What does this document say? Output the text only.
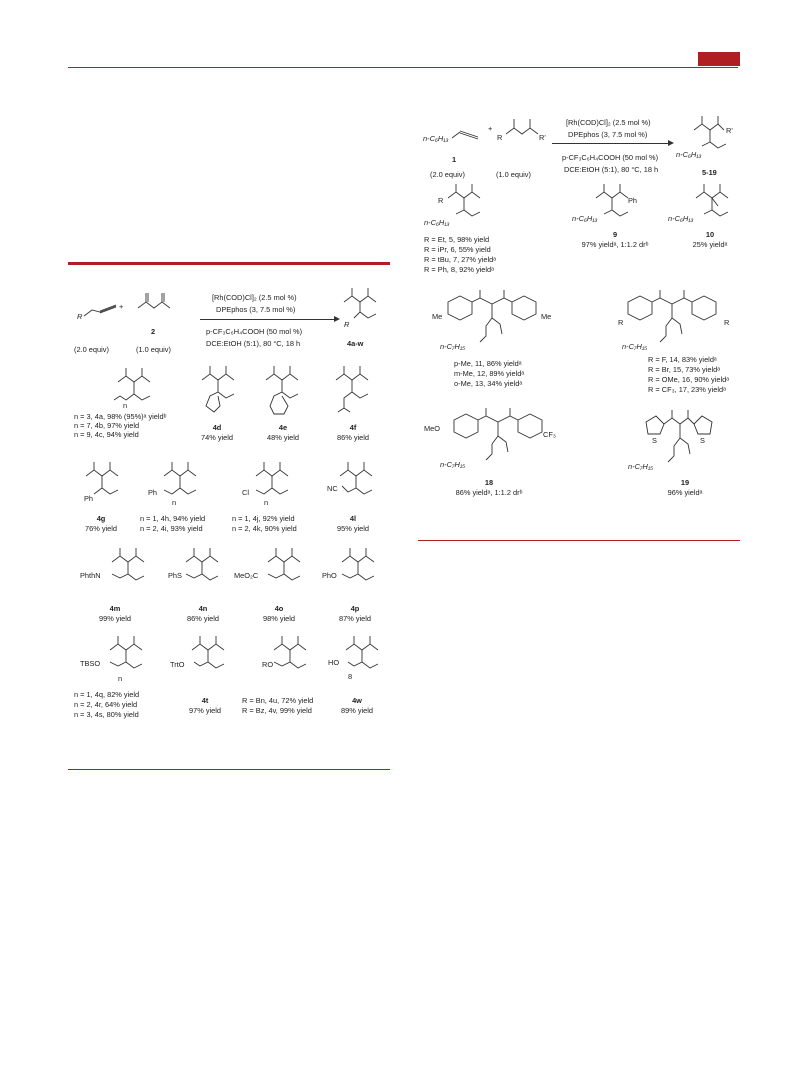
R
+
2
(2.0 equiv)	(1.0 equiv)
[Rh(COD)Cl]₂ (2.5 mol %)
DPEphos (3, 7.5 mol %)
p-CF₃C₆H₄COOH (50 mol %)
DCE:EtOH (5:1), 80 °C, 18 h
R
4a-w
n
n = 3, 4a, 98% (95%)ᵃ yieldᵇ
n = 7, 4b, 97% yield
n = 9, 4c, 94% yield
4d
74% yield
4e
48% yield
4f
86% yield
Ph
4g
76% yield
Ph
n
n = 1, 4h, 94% yield
n = 2, 4i, 93% yield
Cl
n
n = 1, 4j, 92% yield
n = 2, 4k, 90% yield
NC
4l
95% yield
PhthN
4m
99% yield
PhS
4n
86% yield
MeO₂C
4o
98% yield
PhO
4p
87% yield
TBSO
n
n = 1, 4q, 82% yield
n = 2, 4r, 64% yield
n = 3, 4s, 80% yield
TrtO
4t
97% yield
RO
R = Bn, 4u, 72% yield
R = Bz, 4v, 99% yield
HO
8
4w
89% yield
n-C₆H₁₃
1
+
R	R'
(2.0 equiv)	(1.0 equiv)
[Rh(COD)Cl]₂ (2.5 mol %)
DPEphos (3, 7.5 mol %)
p-CF₃C₆H₄COOH (50 mol %)
DCE:EtOH (5:1), 80 °C, 18 h
R'
n-C₆H₁₃
5-19
R
n-C₆H₁₃
R = Et, 5, 98% yield
R = iPr, 6, 55% yield
R = tBu, 7, 27% yieldᵃ
R = Ph, 8, 92% yieldᵃ
Ph
n-C₆H₁₃
9
97% yieldᵃ, 1:1.2 drᵇ
n-C₆H₁₃
10
25% yieldᵃ
Me	Me
n-C₇H₁₅
p-Me, 11, 86% yieldᵃ
m-Me, 12, 89% yieldᵃ
o-Me, 13, 34% yieldᵃ
R	R
n-C₇H₁₅
R = F, 14, 83% yieldᵃ
R = Br, 15, 73% yieldᵃ
R = OMe, 16, 90% yieldᵃ
R = CF₃, 17, 23% yieldᵃ
MeO
CF₃
n-C₇H₁₅
18
86% yieldᵃ, 1:1.2 drᵇ
S	S
n-C₇H₁₅
19
96% yieldᵃ
